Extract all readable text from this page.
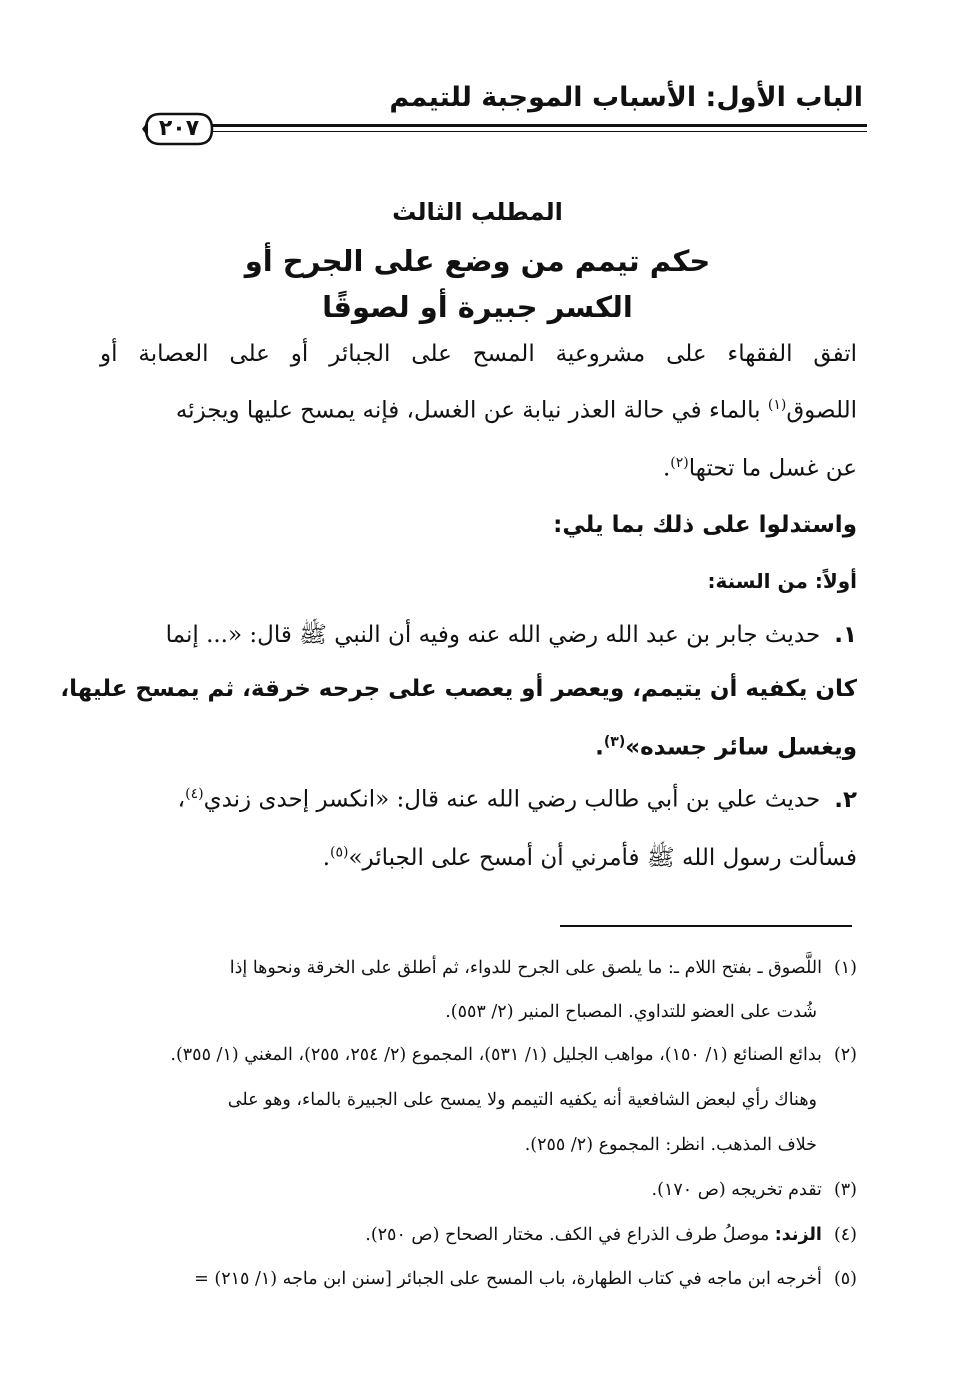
الباب الأول: الأسباب الموجبة للتيمم
٢٠٧
المطلب الثالث
حكم تيمم من وضع على الجرح أو
الكسر جبيرة أو لصوقًا
اتفق الفقهاء على مشروعية المسح على الجبائر أو على العصابة أو
اللصوق$^{(١)}$ بالماء في حالة العذر نيابة عن الغسل، فإنه يمسح عليها ويجزئه
عن غسل ما تحتها$^{(٢)}$.
واستدلوا على ذلك بما يلي:
أولاً: من السنة:
١.حديث جابر بن عبد الله رضي الله عنه وفيه أن النبي ﷺ قال: «... إنما
كان يكفيه أن يتيمم، ويعصر أو يعصب على جرحه خرقة، ثم يمسح عليها،
ويغسل سائر جسده»$^{(٣)}$.
٢.حديث علي بن أبي طالب رضي الله عنه قال: «انكسر إحدى زندي$^{(٤)}$،
فسألت رسول الله ﷺ فأمرني أن أمسح على الجبائر»$^{(٥)}$.
(١)اللَّصوق ـ بفتح اللام ـ: ما يلصق على الجرح للدواء، ثم أطلق على الخرقة ونحوها إذا
شُدت على العضو للتداوي. المصباح المنير (٢/ ٥٥٣).
(٢)بدائع الصنائع (١/ ١٥٠)، مواهب الجليل (١/ ٥٣١)، المجموع (٢/ ٢٥٤، ٢٥٥)، المغني (١/ ٣٥٥).
وهناك رأي لبعض الشافعية أنه يكفيه التيمم ولا يمسح على الجبيرة بالماء، وهو على
خلاف المذهب. انظر: المجموع (٢/ ٢٥٥).
(٣)تقدم تخريجه (ص ١٧٠).
(٤)الزند: موصلُ طرف الذراع في الكف. مختار الصحاح (ص ٢٥٠).
(٥)أخرجه ابن ماجه في كتاب الطهارة، باب المسح على الجبائر [سنن ابن ماجه (١/ ٢١٥) =
